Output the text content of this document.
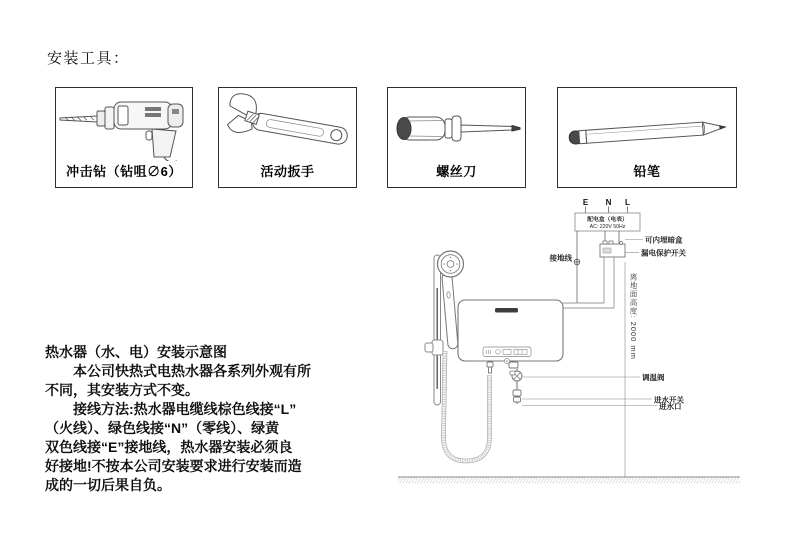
安装工具：
冲击钻（钻咀∅6）	活动扳手	螺丝刀	铅笔
热水器（水、电）安装示意图
　　本公司快热式电热水器各系列外观有所
不同，其安装方式不变。
　　接线方法:热水器电缆线棕色线接“L”
（火线）、绿色线接“N”（零线）、绿黄
双色线接“E”接地线，热水器安装必须良
好接地!不按本公司安装要求进行安装而造
成的一切后果自负。
E N L
配电盒（电表）
AC: 220V 50Hz
接地线
可内埋暗盒
漏电保护开关
调温阀
进水开关
进水口
离地面高度: 2000 mm
